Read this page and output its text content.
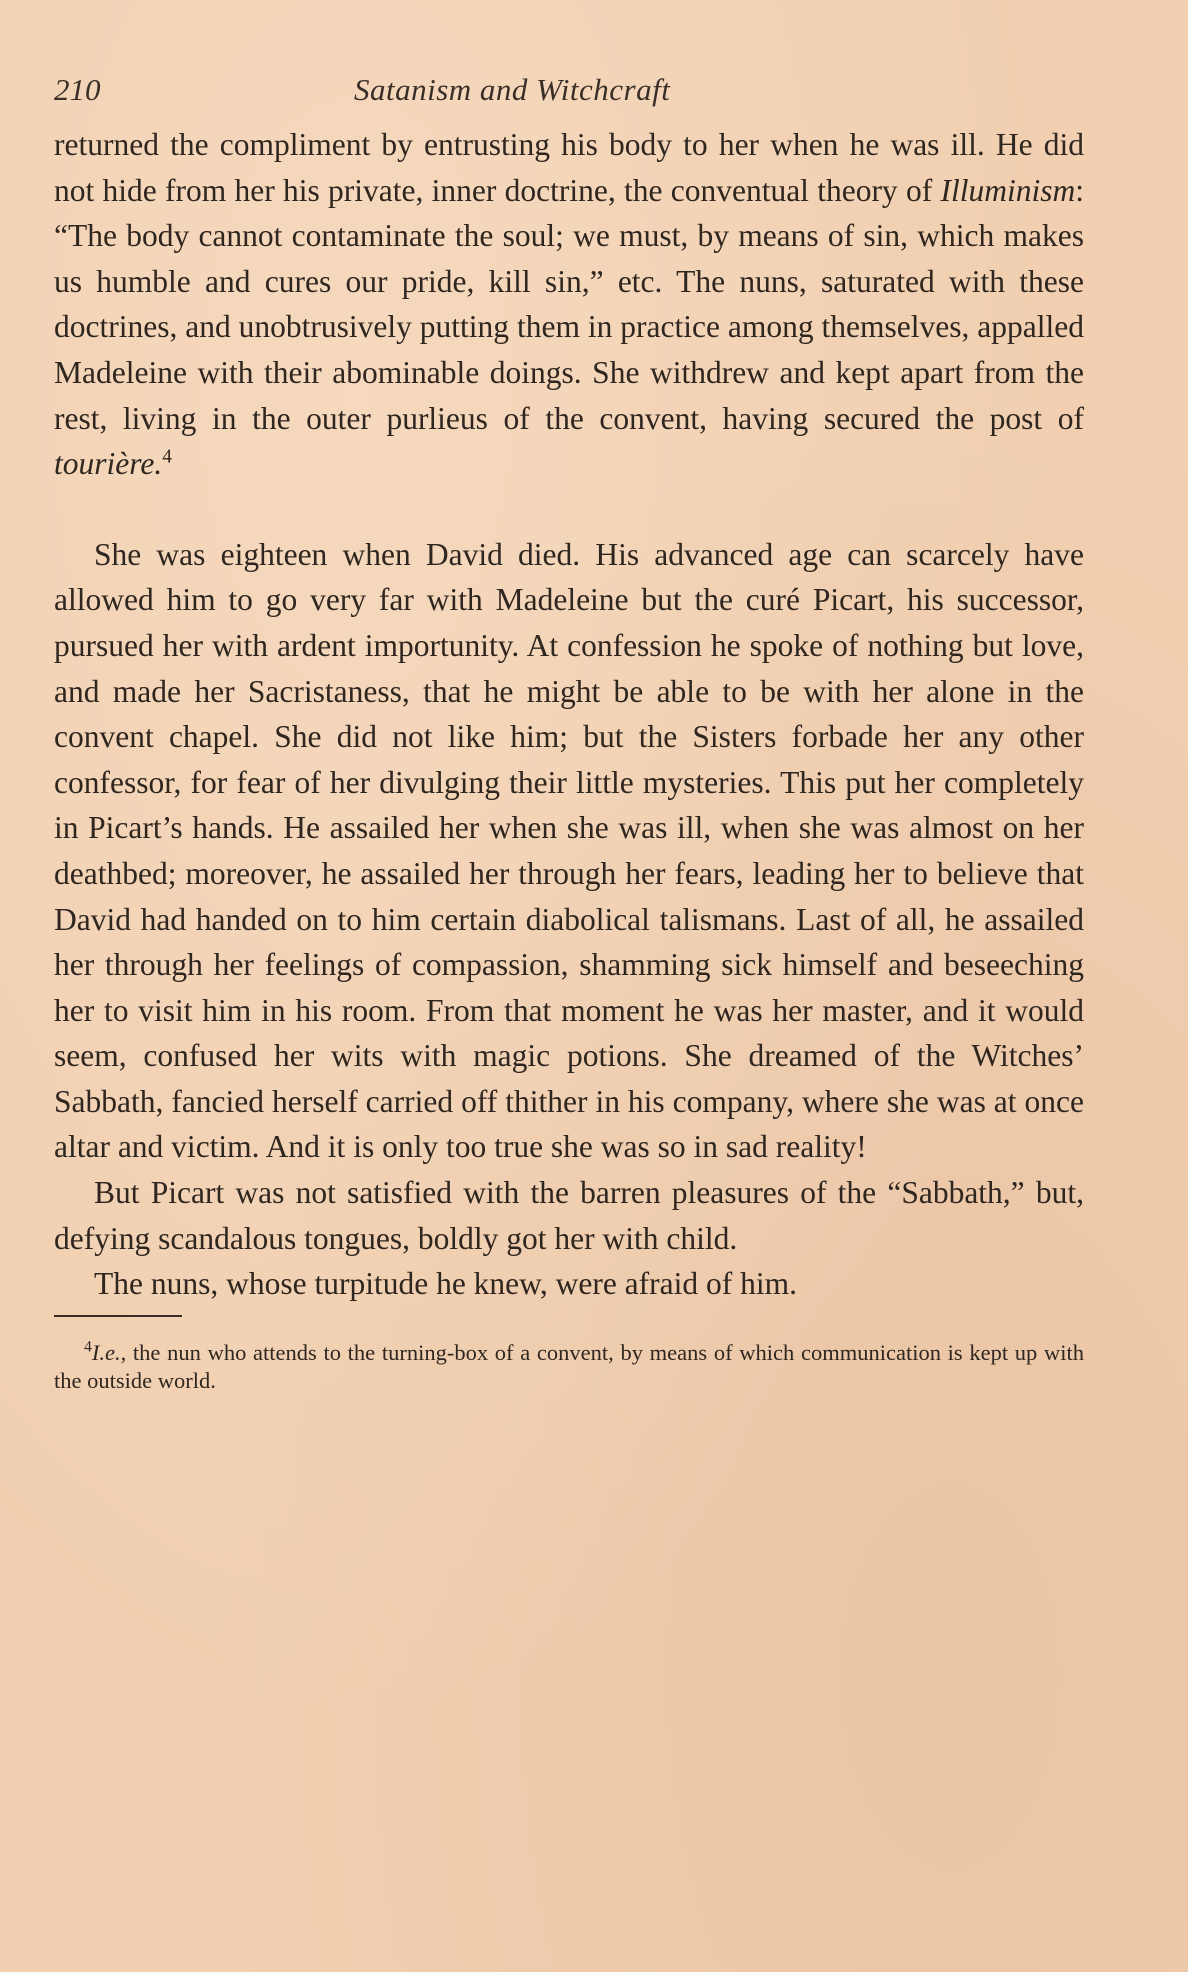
210	Satanism and Witchcraft

returned the compliment by entrusting his body to her when he was ill. He did not hide from her his private, inner doctrine, the conventual theory of Illuminism: “The body cannot contaminate the soul; we must, by means of sin, which makes us humble and cures our pride, kill sin,” etc. The nuns, saturated with these doctrines, and unobtrusively putting them in practice among themselves, appalled Madeleine with their abominable doings. She withdrew and kept apart from the rest, living in the outer purlieus of the convent, having secured the post of tourière.$^4$

She was eighteen when David died. His advanced age can scarcely have allowed him to go very far with Madeleine but the curé Picart, his successor, pursued her with ardent importunity. At confession he spoke of nothing but love, and made her Sacristaness, that he might be able to be with her alone in the convent chapel. She did not like him; but the Sisters forbade her any other confessor, for fear of her divulging their little mysteries. This put her completely in Picart’s hands. He assailed her when she was ill, when she was almost on her deathbed; moreover, he assailed her through her fears, leading her to believe that David had handed on to him certain diabolical talismans. Last of all, he assailed her through her feelings of compassion, shamming sick himself and beseeching her to visit him in his room. From that moment he was her master, and it would seem, confused her wits with magic potions. She dreamed of the Witches’ Sabbath, fancied herself carried off thither in his company, where she was at once altar and victim. And it is only too true she was so in sad reality!

But Picart was not satisfied with the barren pleasures of the “Sabbath,” but, defying scandalous tongues, boldly got her with child.

The nuns, whose turpitude he knew, were afraid of him.

$^4$I.e., the nun who attends to the turning-box of a convent, by means of which communication is kept up with the outside world.
